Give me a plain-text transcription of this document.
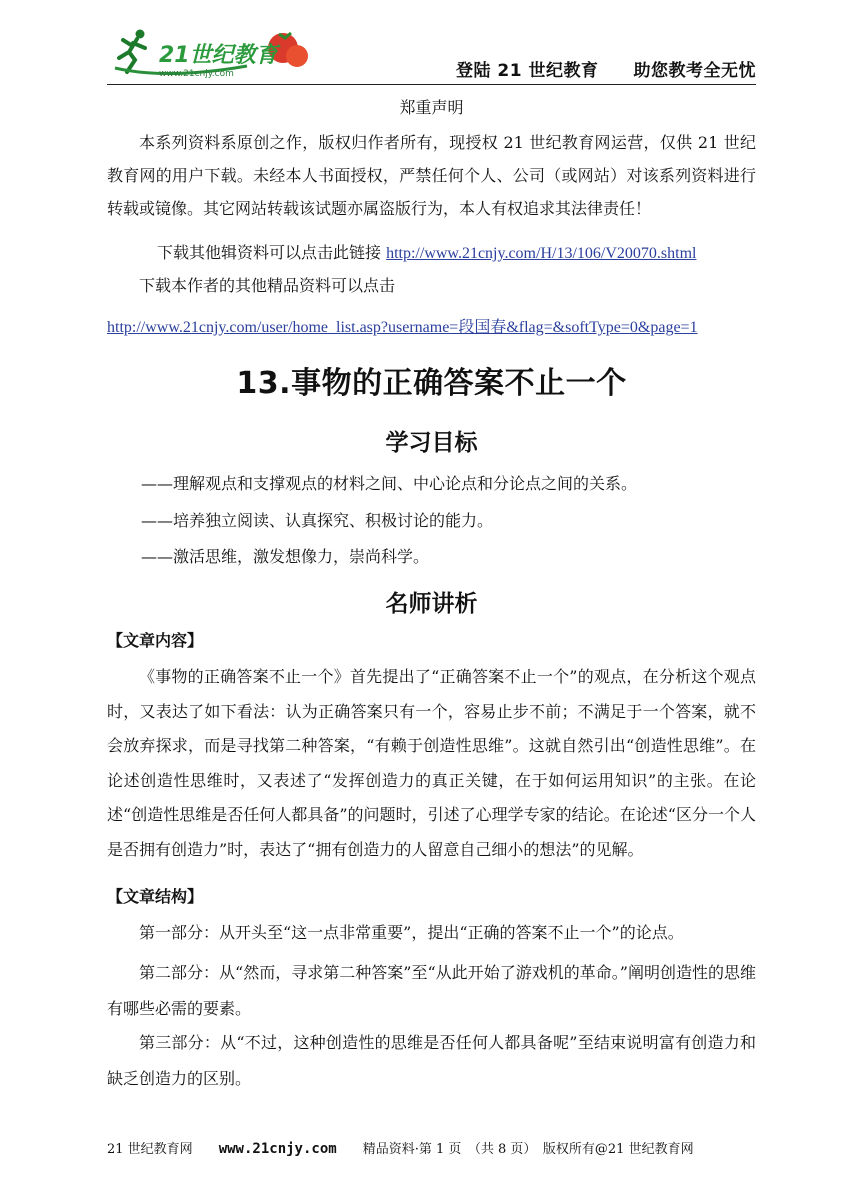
21世纪教育
www.21cnjy.com	登陆 21 世纪教育　　助您教考全无忧

郑重声明

本系列资料系原创之作，版权归作者所有，现授权 21 世纪教育网运营，仅供 21 世纪教育网的用户下载。未经本人书面授权，严禁任何个人、公司（或网站）对该系列资料进行转载或镜像。其它网站转载该试题亦属盗版行为，本人有权追求其法律责任！

下载其他辑资料可以点击此链接 http://www.21cnjy.com/H/13/106/V20070.shtml

下载本作者的其他精品资料可以点击

http://www.21cnjy.com/user/home_list.asp?username=段国春&flag=&softType=0&page=1

13.事物的正确答案不止一个
学习目标

——理解观点和支撑观点的材料之间、中心论点和分论点之间的关系。

——培养独立阅读、认真探究、积极讨论的能力。

——激活思维，激发想像力，崇尚科学。

名师讲析

【文章内容】

《事物的正确答案不止一个》首先提出了“正确答案不止一个”的观点，在分析这个观点时，又表达了如下看法：认为正确答案只有一个，容易止步不前；不满足于一个答案，就不会放弃探求，而是寻找第二种答案，“有赖于创造性思维”。这就自然引出“创造性思维”。在论述创造性思维时，又表述了“发挥创造力的真正关键，在于如何运用知识”的主张。在论述“创造性思维是否任何人都具备”的问题时，引述了心理学专家的结论。在论述“区分一个人是否拥有创造力”时，表达了“拥有创造力的人留意自己细小的想法”的见解。

【文章结构】

第一部分：从开头至“这一点非常重要”，提出“正确的答案不止一个”的论点。

第二部分：从“然而，寻求第二种答案”至“从此开始了游戏机的革命。”阐明创造性的思维有哪些必需的要素。

第三部分：从“不过，这种创造性的思维是否任何人都具备呢”至结束说明富有创造力和缺乏创造力的区别。

21 世纪教育网　　www.21cnjy.com　　精品资料·第 1 页　（共 8 页）　版权所有@21 世纪教育网
